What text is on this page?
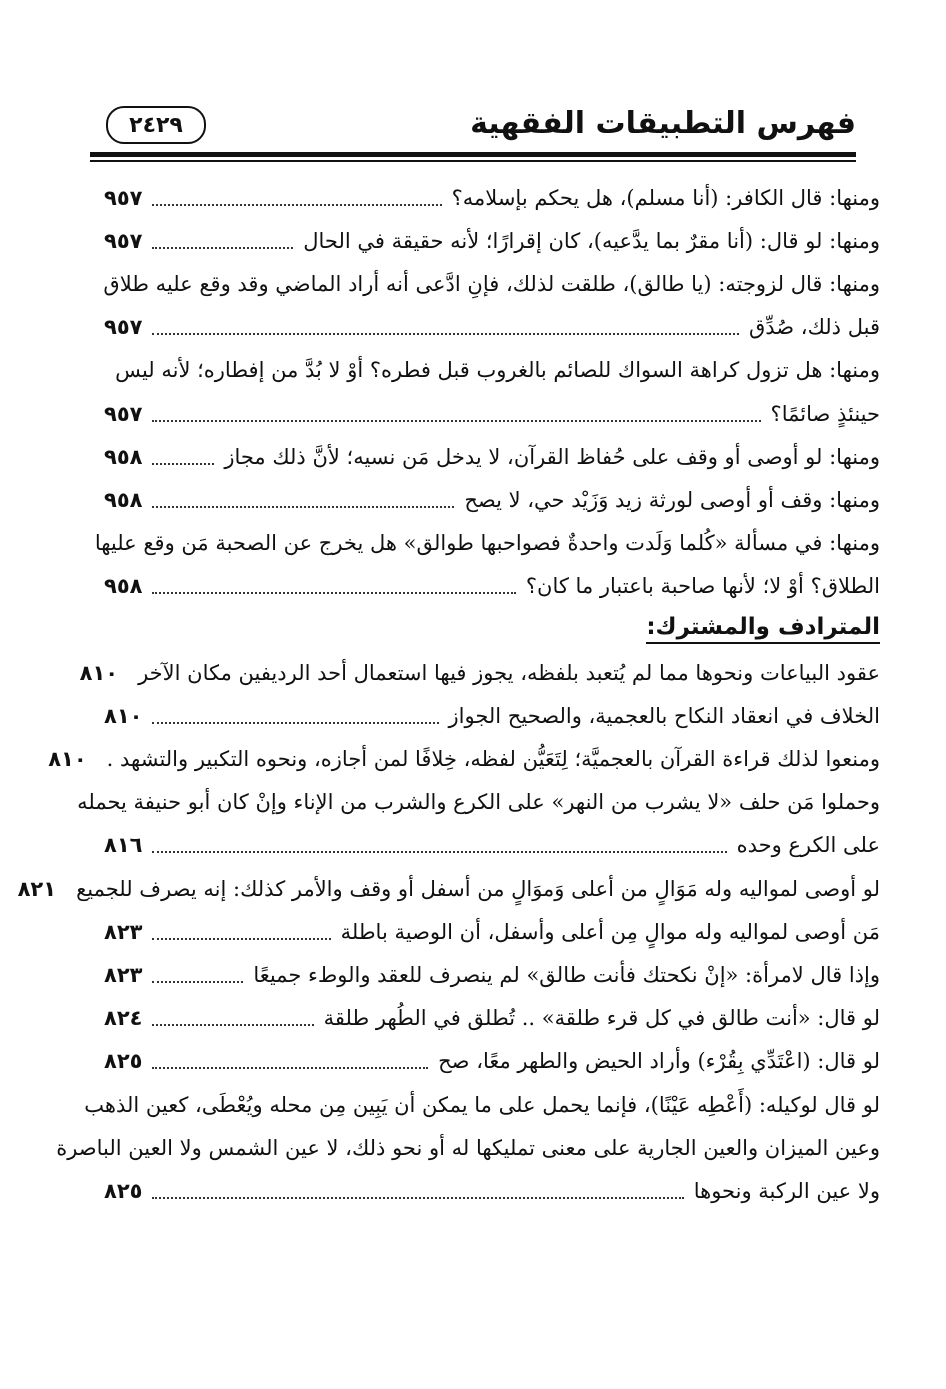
فهرس التطبيقات الفقهية
٢٤٢٩
ومنها: قال الكافر: (أنا مسلم)، هل يحكم بإسلامه؟
٩٥٧
ومنها: لو قال: (أنا مقرٌ بما يدَّعيه)، كان إقرارًا؛ لأنه حقيقة في الحال
٩٥٧
ومنها: قال لزوجته: (يا طالق)، طلقت لذلك، فإنِ ادَّعى أنه أراد الماضي وقد وقع عليه طلاق
قبل ذلك، صُدِّق
٩٥٧
ومنها: هل تزول كراهة السواك للصائم بالغروب قبل فطره؟ أوْ لا بُدَّ من إفطاره؛ لأنه ليس
حينئذٍ صائمًا؟
٩٥٧
ومنها: لو أوصى أو وقف على حُفاظ القرآن، لا يدخل مَن نسيه؛ لأنَّ ذلك مجاز
٩٥٨
ومنها: وقف أو أوصى لورثة زيد وَزَيْد حي، لا يصح
٩٥٨
ومنها: في مسألة «كُلما وَلَدت واحدةٌ فصواحبها طوالق» هل يخرج عن الصحبة مَن وقع عليها
الطلاق؟ أوْ لا؛ لأنها صاحبة باعتبار ما كان؟
٩٥٨
المترادف والمشترك:
عقود البياعات ونحوها مما لم يُتعبد بلفظه، يجوز فيها استعمال أحد الرديفين مكان الآخر
٨١٠
الخلاف في انعقاد النكاح بالعجمية، والصحيح الجواز
٨١٠
ومنعوا لذلك قراءة القرآن بالعجميَّة؛ لِتَعَيُّن لفظه، خِلافًا لمن أجازه، ونحوه التكبير والتشهد .
٨١٠
وحملوا مَن حلف «لا يشرب من النهر» على الكرع والشرب من الإناء وإنْ كان أبو حنيفة يحمله
على الكرع وحده
٨١٦
لو أوصى لمواليه وله مَوَالٍ من أعلى وَموَالٍ من أسفل أو وقف والأمر كذلك: إنه يصرف للجميع
٨٢١
مَن أوصى لمواليه وله موالٍ مِن أعلى وأسفل، أن الوصية باطلة
٨٢٣
وإذا قال لامرأة: «إنْ نكحتك فأنت طالق» لم ينصرف للعقد والوطء جميعًا
٨٢٣
لو قال: «أنت طالق في كل قرء طلقة» .. تُطلق في الطُهر طلقة
٨٢٤
لو قال: (اعْتَدِّي بِقُرْء) وأراد الحيض والطهر معًا، صح
٨٢٥
لو قال لوكيله: (أَعْطِه عَيْنًا)، فإنما يحمل على ما يمكن أن يَبِين مِن محله ويُعْطَى، كعين الذهب
وعين الميزان والعين الجارية على معنى تمليكها له أو نحو ذلك، لا عين الشمس ولا العين الباصرة
ولا عين الركبة ونحوها
٨٢٥
